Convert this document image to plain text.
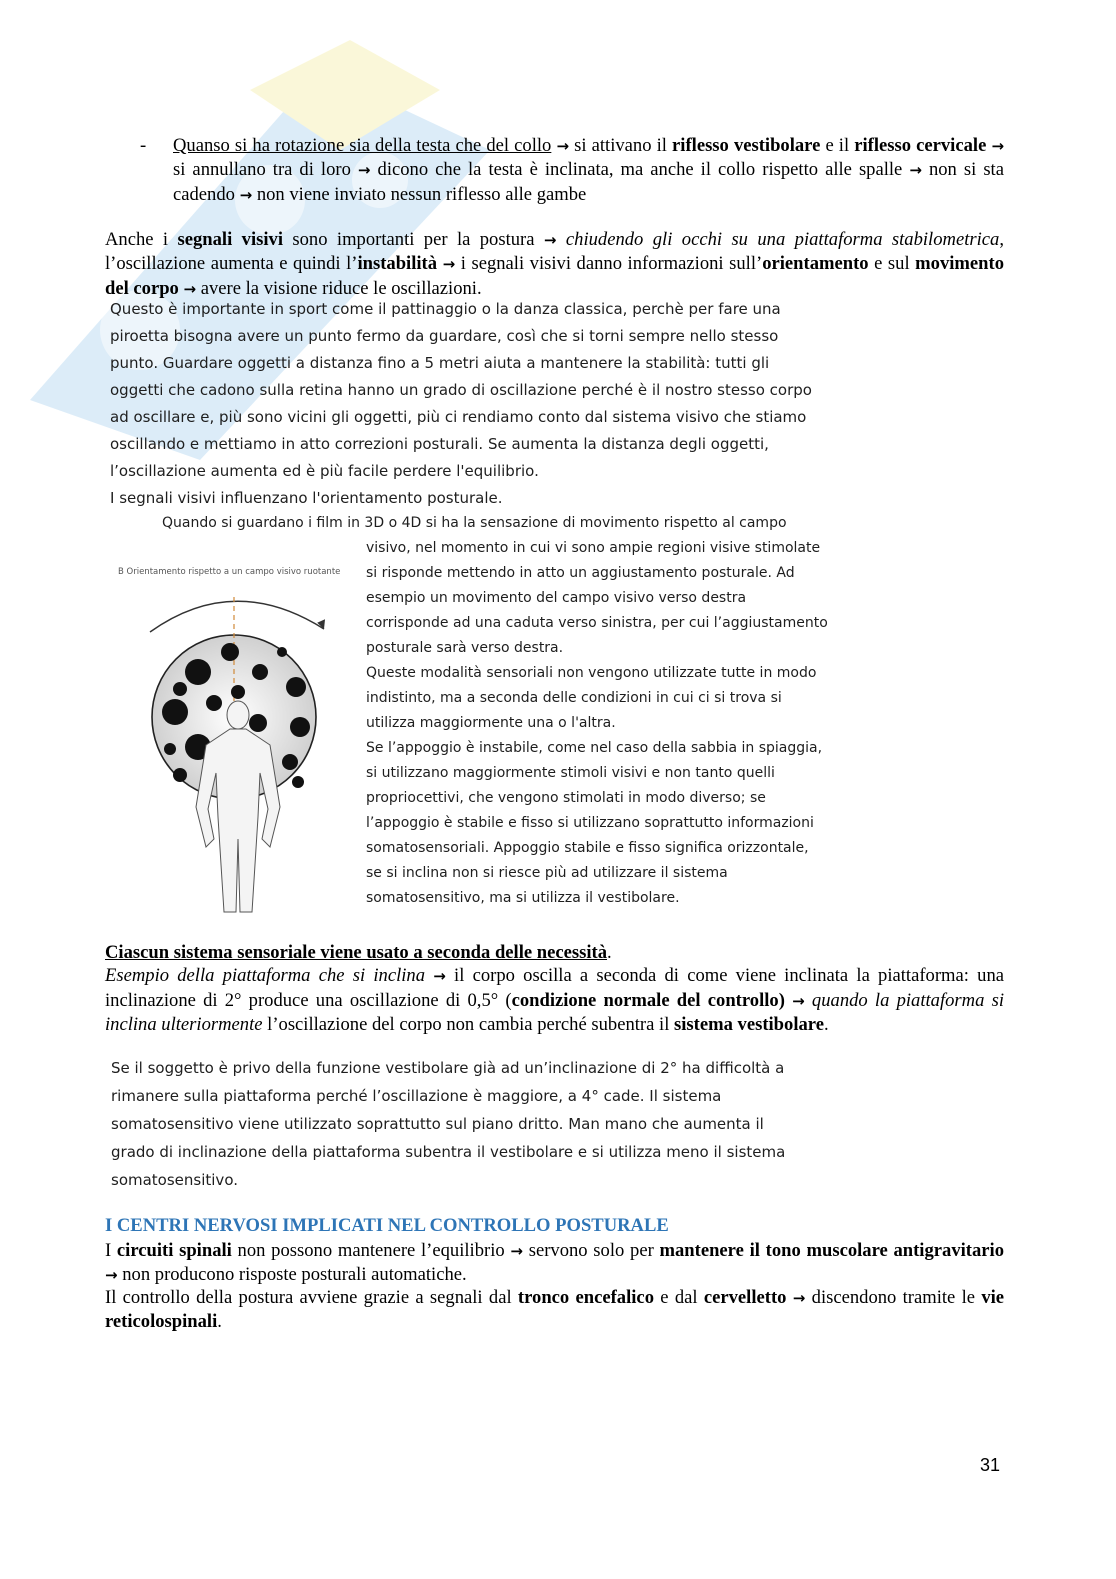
-	Quanso si ha rotazione sia della testa che del collo → si attivano il riflesso vestibolare e il riflesso cervicale → si annullano tra di loro → dicono che la testa è inclinata, ma anche il collo rispetto alle spalle → non si sta cadendo → non viene inviato nessun riflesso alle gambe
Anche i segnali visivi sono importanti per la postura → chiudendo gli occhi su una piattaforma stabilometrica, l’oscillazione aumenta e quindi l’instabilità → i segnali visivi danno informazioni sull’orientamento e sul movimento del corpo → avere la visione riduce le oscillazioni.
Questo è importante in sport come il pattinaggio o la danza classica, perchè per fare una
piroetta bisogna avere un punto fermo da guardare, così che si torni sempre nello stesso
punto. Guardare oggetti a distanza fino a 5 metri aiuta a mantenere la stabilità: tutti gli
oggetti che cadono sulla retina hanno un grado di oscillazione perché è il nostro stesso corpo
ad oscillare e, più sono vicini gli oggetti, più ci rendiamo conto dal sistema visivo che stiamo
oscillando e mettiamo in atto correzioni posturali. Se aumenta la distanza degli oggetti,
l’oscillazione aumenta ed è più facile perdere l'equilibrio.
I segnali visivi influenzano l'orientamento posturale.
Quando si guardano i film in 3D o 4D si ha la sensazione di movimento rispetto al campo
visivo, nel momento in cui vi sono ampie regioni visive stimolate
si risponde mettendo in atto un aggiustamento posturale. Ad
esempio un movimento del campo visivo verso destra
corrisponde ad una caduta verso sinistra, per cui l’aggiustamento
posturale sarà verso destra.
Queste modalità sensoriali non vengono utilizzate tutte in modo
indistinto, ma a seconda delle condizioni in cui ci si trova si
utilizza maggiormente una o l'altra.
Se l’appoggio è instabile, come nel caso della sabbia in spiaggia,
si utilizzano maggiormente stimoli visivi e non tanto quelli
propriocettivi, che vengono stimolati in modo diverso; se
l’appoggio è stabile e fisso si utilizzano soprattutto informazioni
somatosensoriali. Appoggio stabile e fisso significa orizzontale,
se si inclina non si riesce più ad utilizzare il sistema
somatosensitivo, ma si utilizza il vestibolare.
B Orientamento rispetto a un campo visivo ruotante
Ciascun sistema sensoriale viene usato a seconda delle necessità.
Esempio della piattaforma che si inclina → il corpo oscilla a seconda di come viene inclinata la piattaforma: una inclinazione di 2° produce una oscillazione di 0,5° (condizione normale del controllo) → quando la piattaforma si inclina ulteriormente l’oscillazione del corpo non cambia perché subentra il sistema vestibolare.
Se il soggetto è privo della funzione vestibolare già ad un’inclinazione di 2° ha difficoltà a
rimanere sulla piattaforma perché l’oscillazione è maggiore, a 4° cade. Il sistema
somatosensitivo viene utilizzato soprattutto sul piano dritto. Man mano che aumenta il
grado di inclinazione della piattaforma subentra il vestibolare e si utilizza meno il sistema
somatosensitivo.
I CENTRI NERVOSI IMPLICATI NEL CONTROLLO POSTURALE
I circuiti spinali non possono mantenere l’equilibrio → servono solo per mantenere il tono muscolare antigravitario → non producono risposte posturali automatiche.
Il controllo della postura avviene grazie a segnali dal tronco encefalico e dal cervelletto → discendono tramite le vie reticolospinali.
31
